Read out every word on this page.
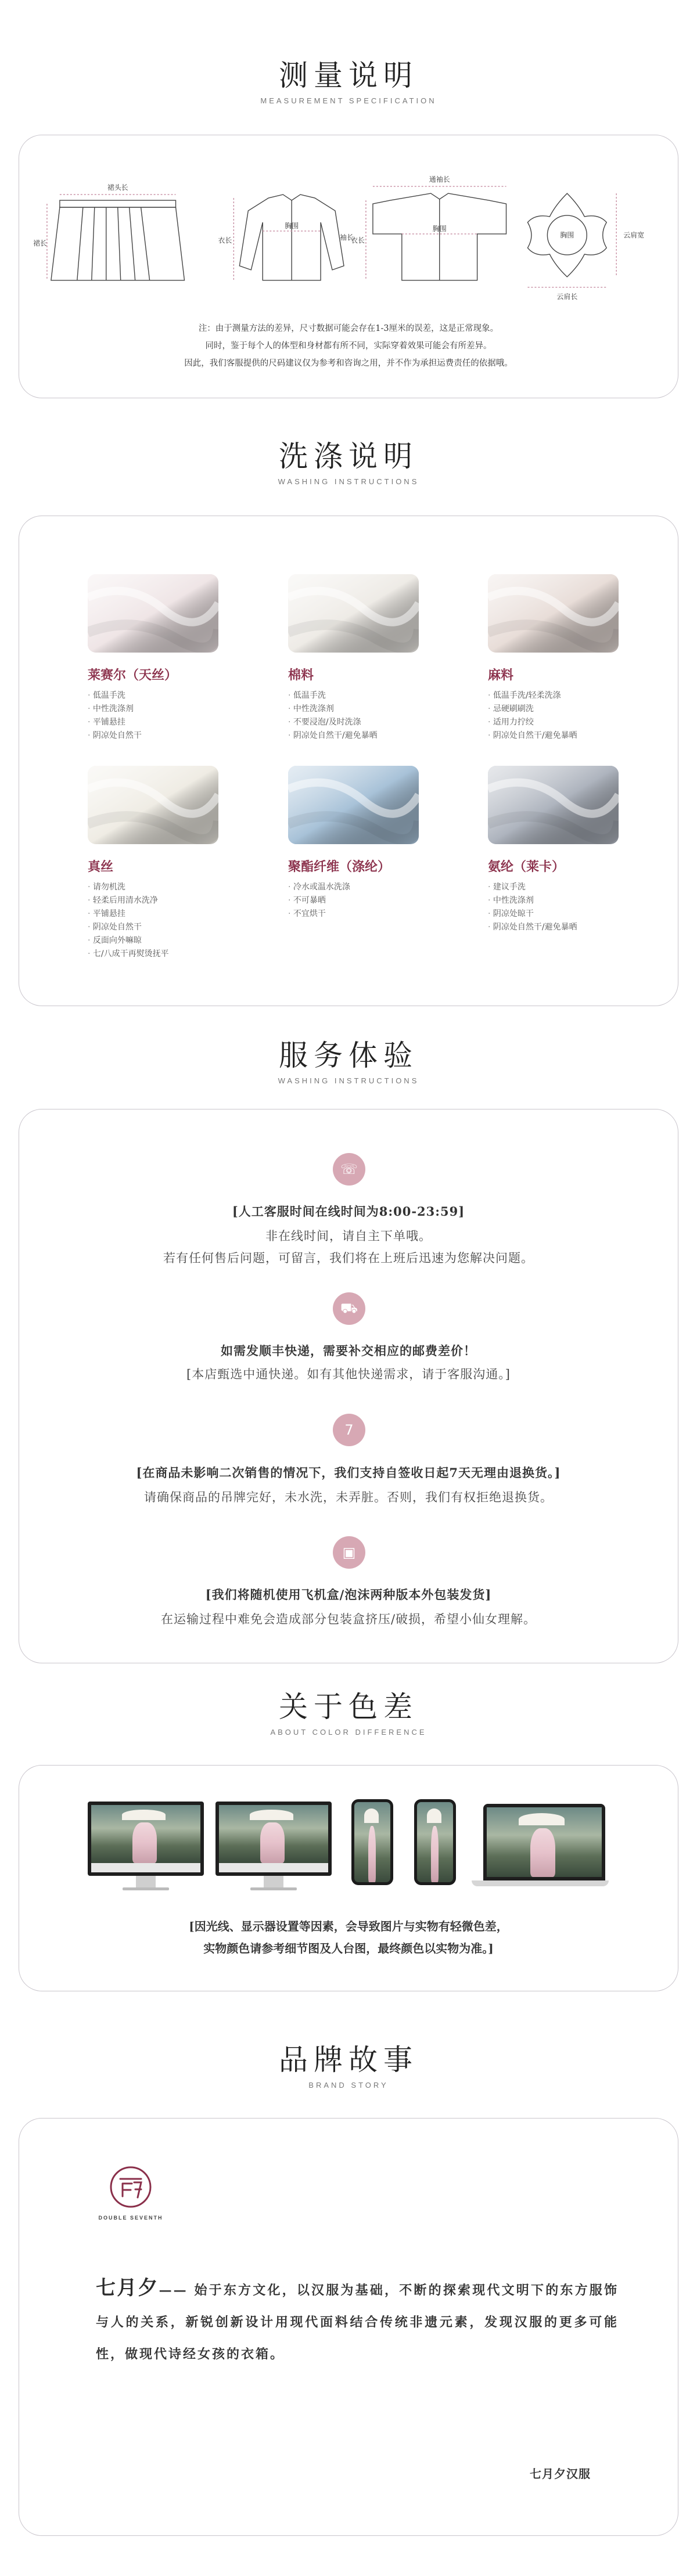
测量说明
MEASUREMENT SPECIFICATION
裙头长
裙长	衣长
胸围
袖长
通袖长
衣长
胸围
胸围	云肩宽
云肩长
注：由于测量方法的差异，尺寸数据可能会存在1-3厘米的误差，这是正常现象。
同时，鉴于每个人的体型和身材都有所不同，实际穿着效果可能会有所差异。
因此，我们客服提供的尺码建议仅为参考和咨询之用，并不作为承担运费责任的依据哦。
洗涤说明
WASHING INSTRUCTIONS
莱赛尔（天丝）
· 低温手洗
· 中性洗涤剂
· 平铺悬挂
· 阴凉处自然干
棉料
· 低温手洗
· 中性洗涤剂
· 不要浸泡/及时洗涤
· 阴凉处自然干/避免暴晒
麻料
· 低温手洗/轻柔洗涤
· 忌硬刷刷洗
· 适用力拧绞
· 阴凉处自然干/避免暴晒
真丝
· 请勿机洗
· 轻柔后用清水洗净
· 平铺悬挂
· 阴凉处自然干
· 反面向外嘛晾
· 七/八成干再熨烫抚平
聚酯纤维（涤纶）
· 冷水或温水洗涤
· 不可暴晒
· 不宜烘干
氨纶（莱卡）
· 建议手洗
· 中性洗涤剂
· 阴凉处晾干
· 阴凉处自然干/避免暴晒
服务体验
WASHING INSTRUCTIONS
☏
[人工客服时间在线时间为8:00-23:59]
非在线时间，请自主下单哦。
若有任何售后问题，可留言，我们将在上班后迅速为您解决问题。
⛟
如需发顺丰快递，需要补交相应的邮费差价！
[本店甄选中通快递。如有其他快递需求，请于客服沟通。]
7
[在商品未影响二次销售的情况下，我们支持自签收日起7天无理由退换货。]
请确保商品的吊牌完好，未水洗，未弄脏。否则，我们有权拒绝退换货。
▣
[我们将随机使用飞机盒/泡沫两种版本外包装发货]
在运输过程中难免会造成部分包装盒挤压/破损，希望小仙女理解。
关于色差
ABOUT COLOR DIFFERENCE
[因光线、显示器设置等因素，会导致图片与实物有轻微色差，
实物颜色请参考细节图及人台图，最终颜色以实物为准。]
品牌故事
BRAND STORY
DOUBLE SEVENTH
七月夕—— 始于东方文化，以汉服为基础，不断的探索现代文明下的东方服饰与人的关系，新锐创新设计用现代面料结合传统非遗元素，发现汉服的更多可能性，做现代诗经女孩的衣箱。
七月夕汉服
